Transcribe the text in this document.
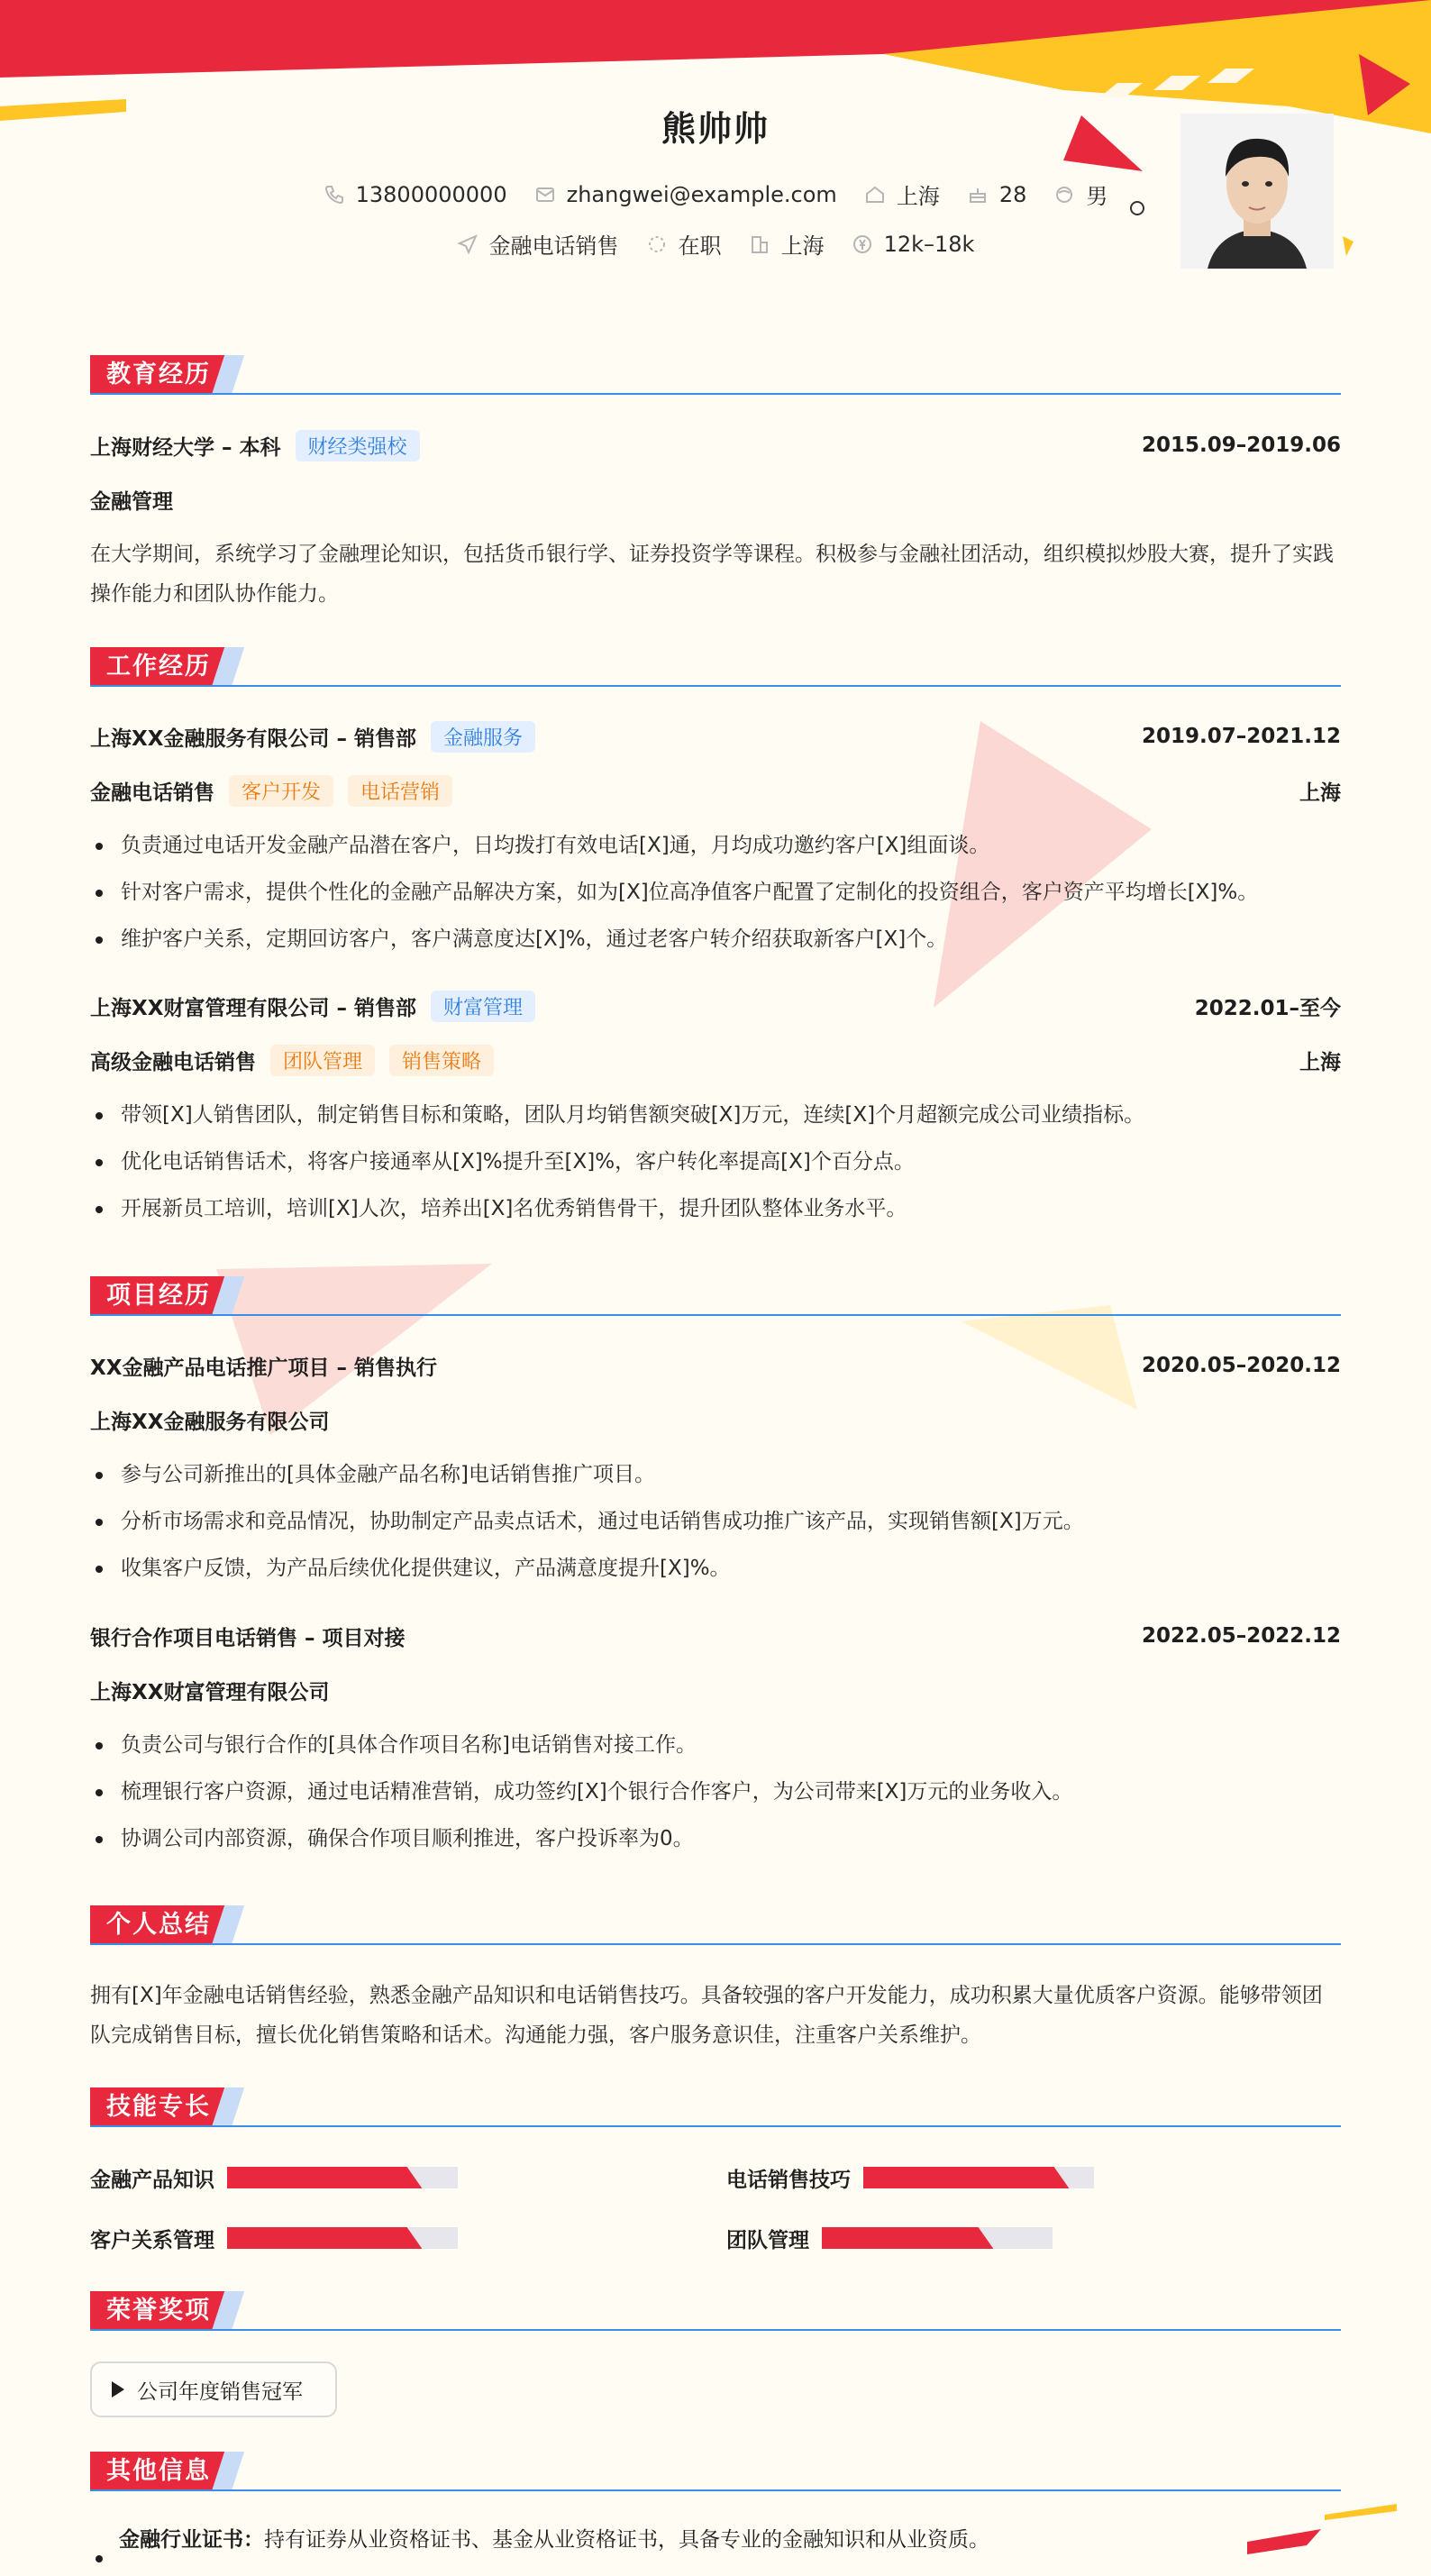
熊帅帅
13800000000	zhangwei@example.com	上海	28	男
金融电话销售	在职	上海	12k–18k
教育经历
上海财经大学 – 本科	财经类强校	2015.09–2019.06
金融管理

在大学期间，系统学习了金融理论知识，包括货币银行学、证券投资学等课程。积极参与金融社团活动，组织模拟炒股大赛，提升了实践操作能力和团队协作能力。

工作经历
上海XX金融服务有限公司 – 销售部	金融服务	2019.07–2021.12
金融电话销售	客户开发	电话营销	上海
负责通过电话开发金融产品潜在客户，日均拨打有效电话[X]通，月均成功邀约客户[X]组面谈。
针对客户需求，提供个性化的金融产品解决方案，如为[X]位高净值客户配置了定制化的投资组合，客户资产平均增长[X]%。
维护客户关系，定期回访客户，客户满意度达[X]%，通过老客户转介绍获取新客户[X]个。
上海XX财富管理有限公司 – 销售部	财富管理	2022.01–至今
高级金融电话销售	团队管理	销售策略	上海
带领[X]人销售团队，制定销售目标和策略，团队月均销售额突破[X]万元，连续[X]个月超额完成公司业绩指标。
优化电话销售话术，将客户接通率从[X]%提升至[X]%，客户转化率提高[X]个百分点。
开展新员工培训，培训[X]人次，培养出[X]名优秀销售骨干，提升团队整体业务水平。
项目经历
XX金融产品电话推广项目 – 销售执行	2020.05–2020.12
上海XX金融服务有限公司
参与公司新推出的[具体金融产品名称]电话销售推广项目。
分析市场需求和竞品情况，协助制定产品卖点话术，通过电话销售成功推广该产品，实现销售额[X]万元。
收集客户反馈，为产品后续优化提供建议，产品满意度提升[X]%。
银行合作项目电话销售 – 项目对接	2022.05–2022.12
上海XX财富管理有限公司
负责公司与银行合作的[具体合作项目名称]电话销售对接工作。
梳理银行客户资源，通过电话精准营销，成功签约[X]个银行合作客户，为公司带来[X]万元的业务收入。
协调公司内部资源，确保合作项目顺利推进，客户投诉率为0。
个人总结

拥有[X]年金融电话销售经验，熟悉金融产品知识和电话销售技巧。具备较强的客户开发能力，成功积累大量优质客户资源。能够带领团队完成销售目标，擅长优化销售策略和话术。沟通能力强，客户服务意识佳，注重客户关系维护。

技能专长
金融产品知识	电话销售技巧
客户关系管理	团队管理
荣誉奖项
公司年度销售冠军
其他信息
金融行业证书：持有证券从业资格证书、基金从业资格证书，具备专业的金融知识和从业资质。
